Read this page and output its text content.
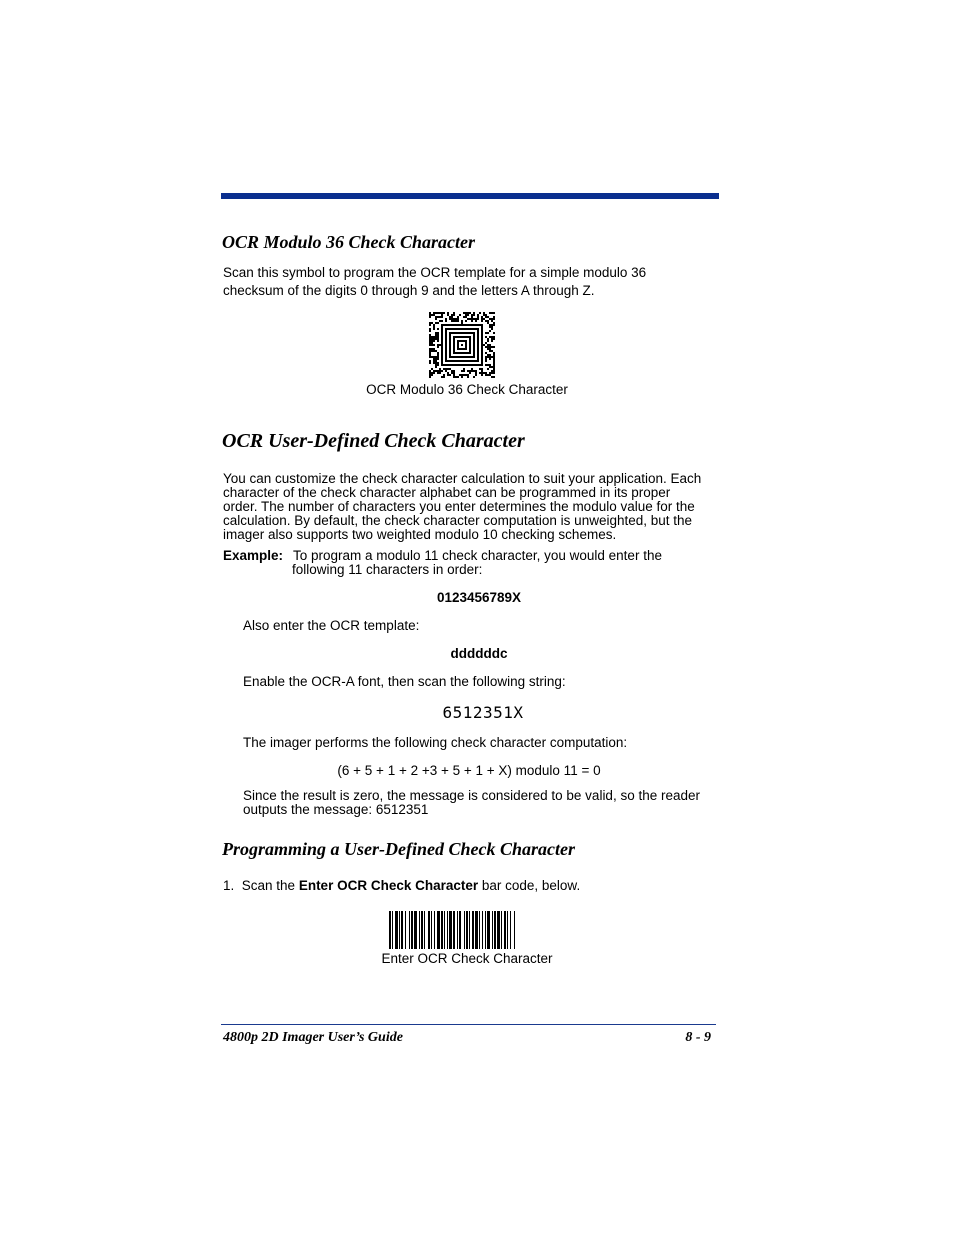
OCR Modulo 36 Check Character
Scan this symbol to program the OCR template for a simple modulo 36
checksum of the digits 0 through 9 and the letters A through Z.
OCR Modulo 36 Check Character
OCR User-Defined Check Character
You can customize the check character calculation to suit your application. Each
character of the check character alphabet can be programmed in its proper
order. The number of characters you enter determines the modulo value for the
calculation. By default, the check character computation is unweighted, but the
imager also supports two weighted modulo 10 checking schemes.
Example: To program a modulo 11 check character, you would enter the
following 11 characters in order:
0123456789X
Also enter the OCR template:
ddddddc
Enable the OCR-A font, then scan the following string:
6512351X
The imager performs the following check character computation:
(6 + 5 + 1 + 2 +3 + 5 + 1 + X) modulo 11 = 0
Since the result is zero, the message is considered to be valid, so the reader
outputs the message: 6512351
Programming a User-Defined Check Character
1.  Scan the Enter OCR Check Character bar code, below.
Enter OCR Check Character
4800p 2D Imager User’s Guide	8 - 9
